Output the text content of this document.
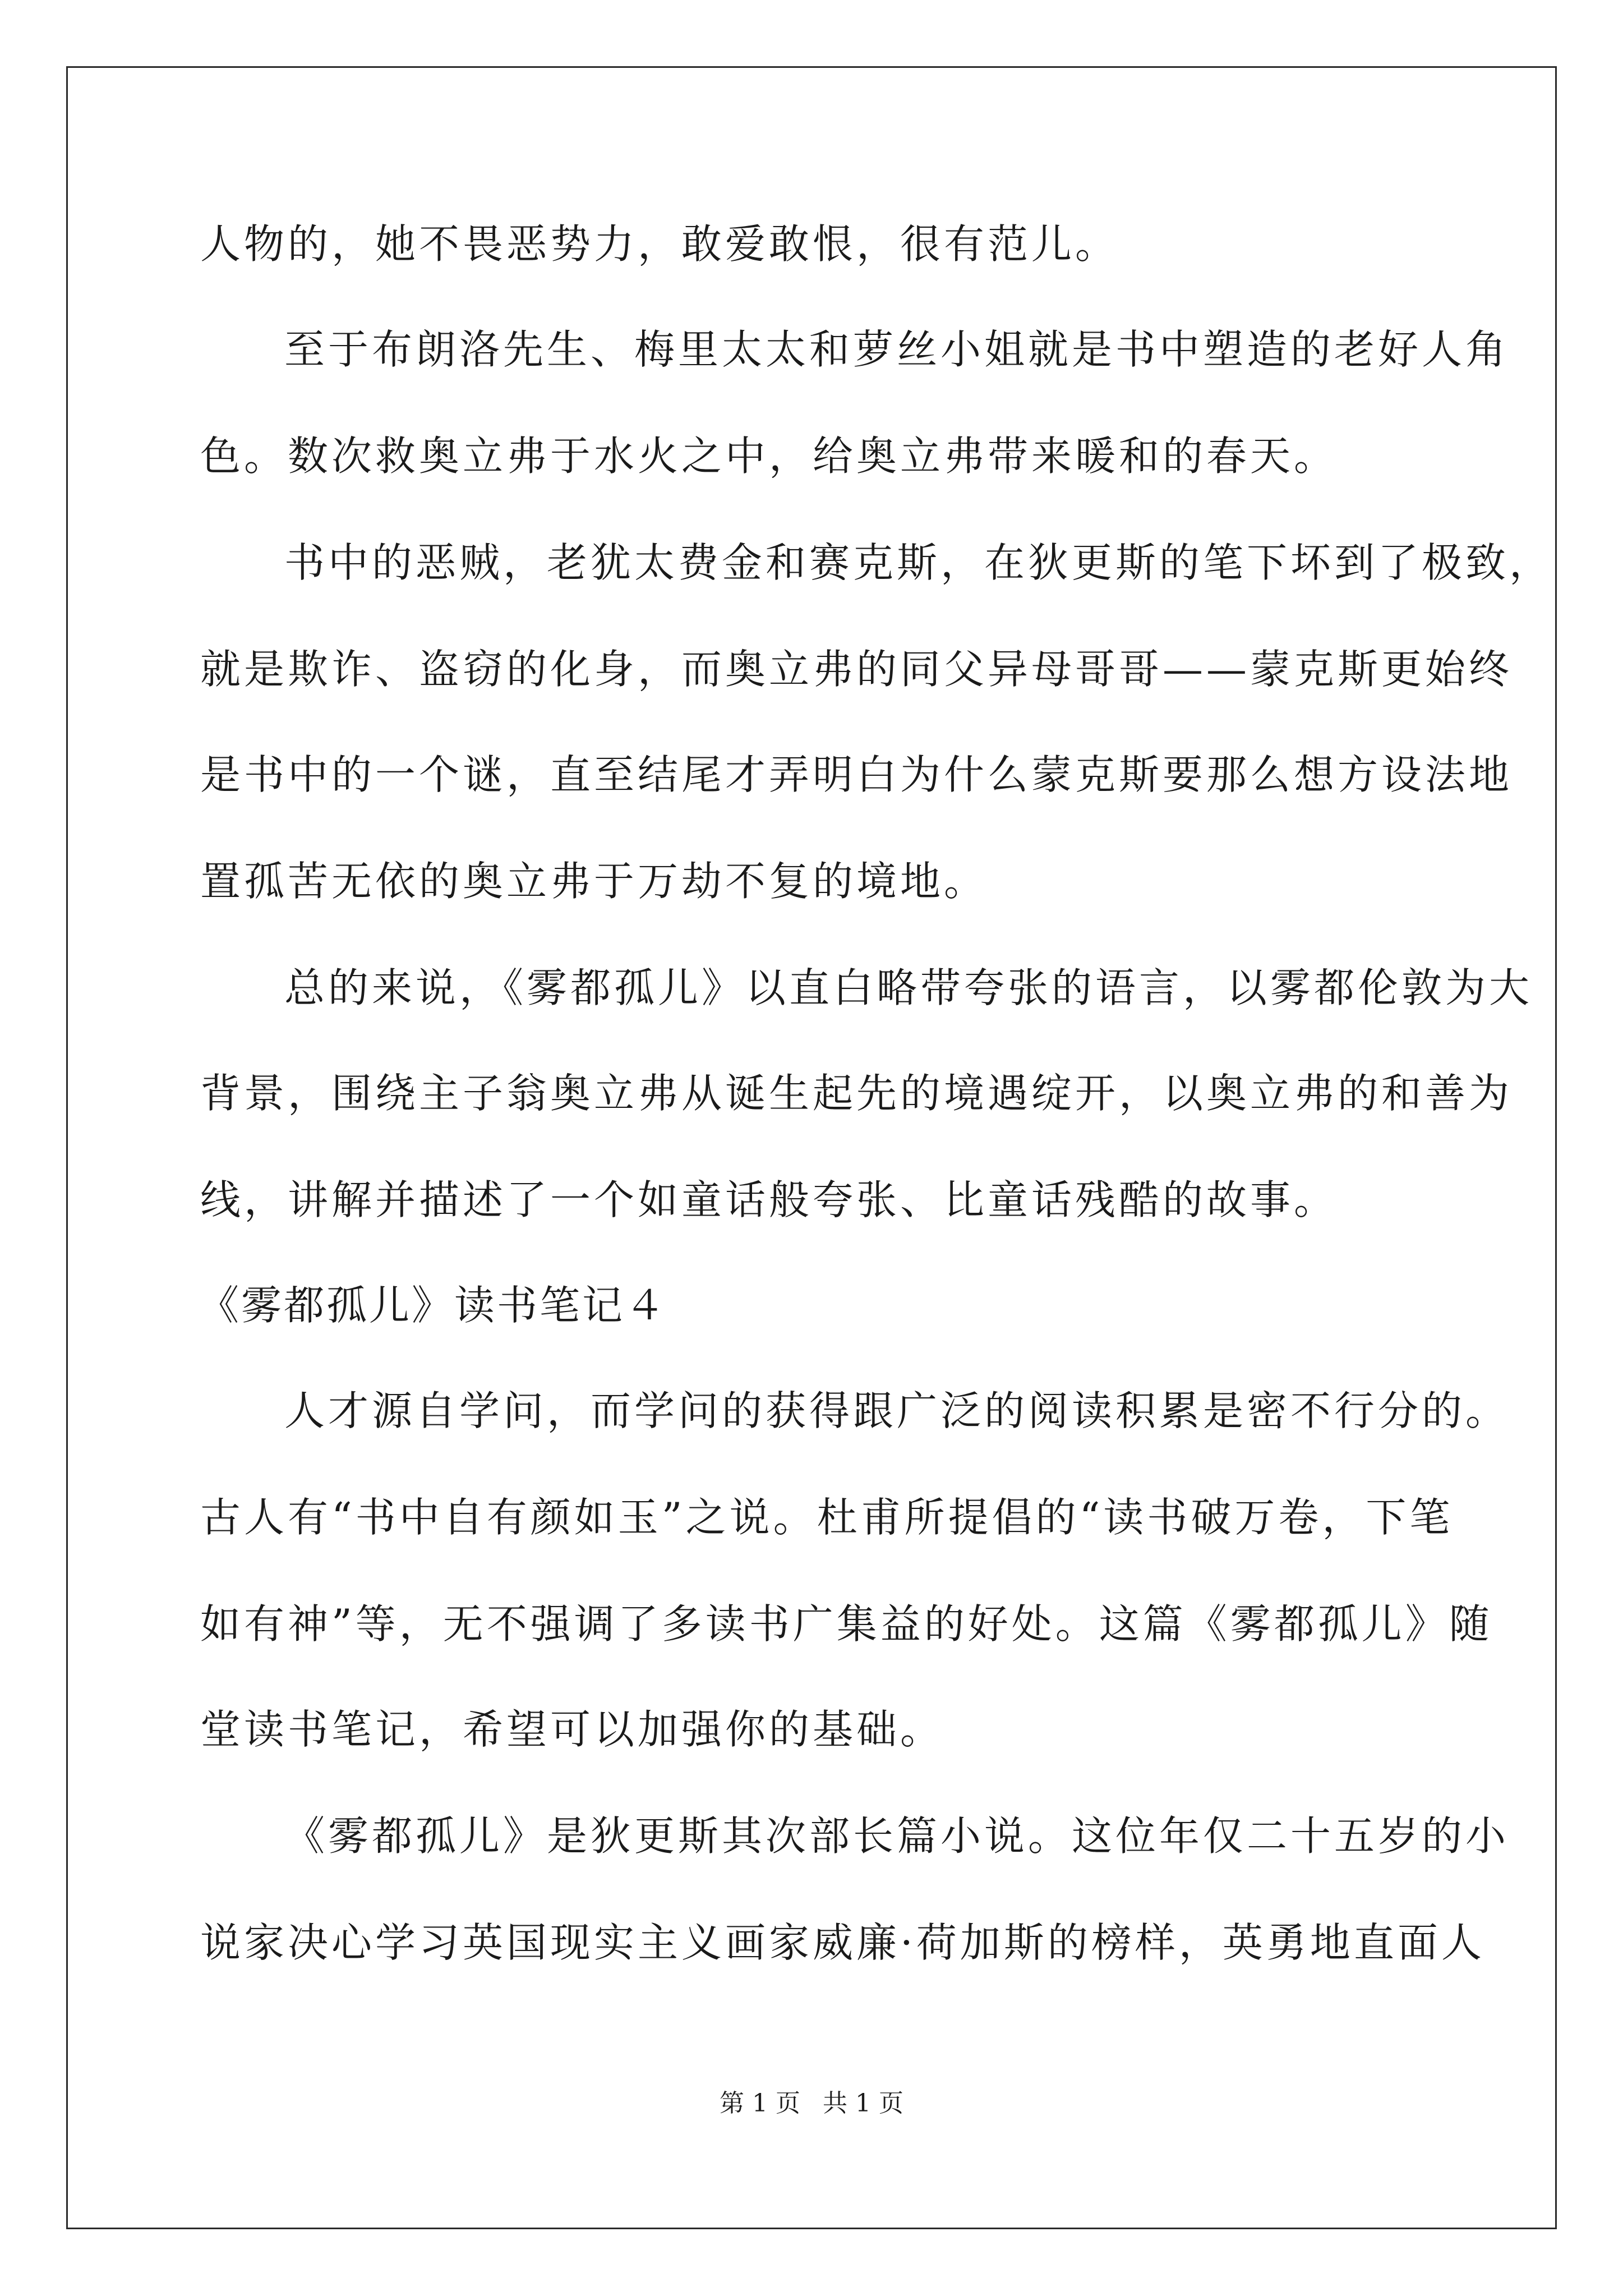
人物的，她不畏恶势力，敢爱敢恨，很有范儿。
至于布朗洛先生、梅里太太和萝丝小姐就是书中塑造的老好人角
色。数次救奥立弗于水火之中，给奥立弗带来暖和的春天。
书中的恶贼，老犹太费金和赛克斯，在狄更斯的笔下坏到了极致，
就是欺诈、盗窃的化身，而奥立弗的同父异母哥哥——蒙克斯更始终
是书中的一个谜，直至结尾才弄明白为什么蒙克斯要那么想方设法地
置孤苦无依的奥立弗于万劫不复的境地。
总的来说，《雾都孤儿》以直白略带夸张的语言，以雾都伦敦为大
背景，围绕主子翁奥立弗从诞生起先的境遇绽开，以奥立弗的和善为
线，讲解并描述了一个如童话般夸张、比童话残酷的故事。
《雾都孤儿》读书笔记４
人才源自学问，而学问的获得跟广泛的阅读积累是密不行分的。
古人有“书中自有颜如玉”之说。杜甫所提倡的“读书破万卷，下笔
如有神”等，无不强调了多读书广集益的好处。这篇《雾都孤儿》随
堂读书笔记，希望可以加强你的基础。
《雾都孤儿》是狄更斯其次部长篇小说。这位年仅二十五岁的小
说家决心学习英国现实主义画家威廉·荷加斯的榜样，英勇地直面人
第 1 页 共 1 页
